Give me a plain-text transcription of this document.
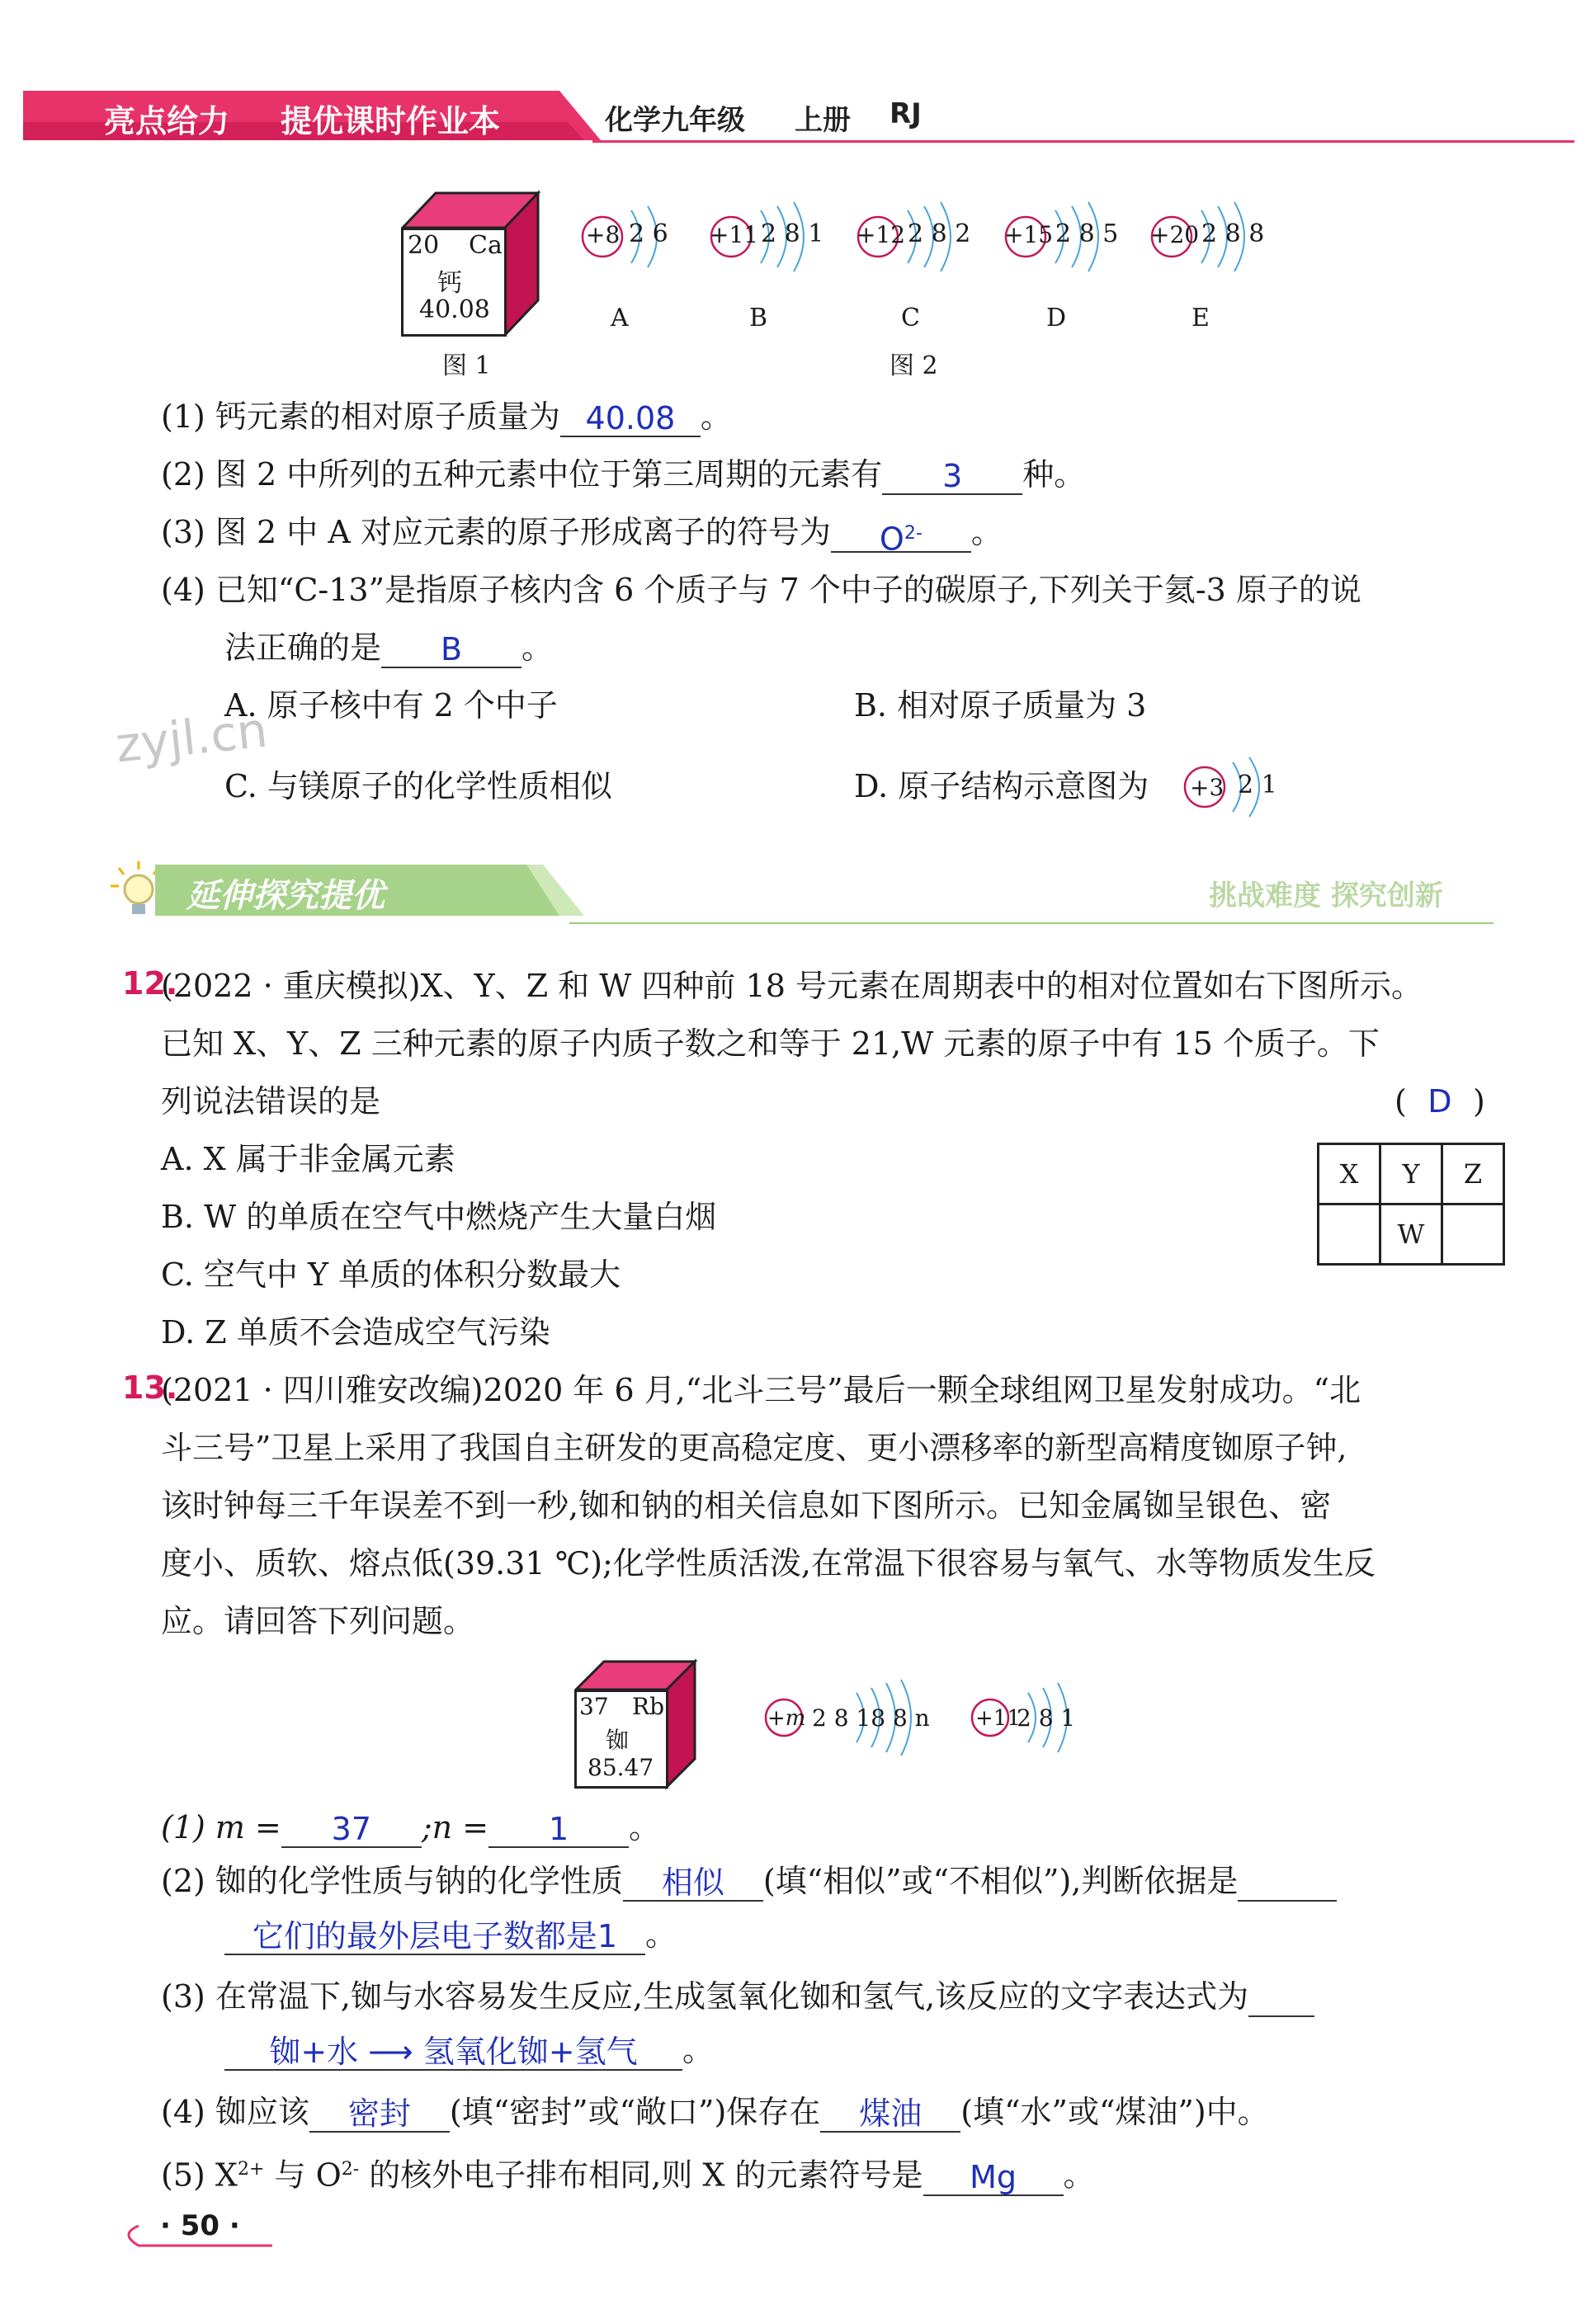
亮点给力 提优课时作业本	化学九年级 上册 RJ
20 Ca
钙
40.08
图 1
+8 2 6
A
+11 2 8 1
B
+12 2 8 2
C
+15 2 8 5
D
+20 2 8 8
E
图 2
(1) 钙元素的相对原子质量为 40.08 。
(2) 图 2 中所列的五种元素中位于第三周期的元素有 3 种。
(3) 图 2 中 A 对应元素的原子形成离子的符号为 $O^{2-}$ 。
(4) 已知“C-13”是指原子核内含 6 个质子与 7 个中子的碳原子,下列关于氦-3 原子的说
法正确的是 B 。
A. 原子核中有 2 个中子	B. 相对原子质量为 3
zyjl.cn
C. 与镁原子的化学性质相似	D. 原子结构示意图为 +3 2 1
延伸探究提优	挑战难度 探究创新
12.
(2022 · 重庆模拟)X、Y、Z 和 W 四种前 18 号元素在周期表中的相对位置如右下图所示。
已知 X、Y、Z 三种元素的原子内质子数之和等于 21,W 元素的原子中有 15 个质子。下
列说法错误的是	( D )
A. X 属于非金属元素
B. W 的单质在空气中燃烧产生大量白烟
C. 空气中 Y 单质的体积分数最大
D. Z 单质不会造成空气污染
X	Y	Z
	W	
13.
(2021 · 四川雅安改编)2020 年 6 月,“北斗三号”最后一颗全球组网卫星发射成功。“北
斗三号”卫星上采用了我国自主研发的更高稳定度、更小漂移率的新型高精度铷原子钟,
该时钟每三千年误差不到一秒,铷和钠的相关信息如下图所示。已知金属铷呈银色、密
度小、质软、熔点低(39.31 ℃);化学性质活泼,在常温下很容易与氧气、水等物质发生反
应。请回答下列问题。
37 Rb
铷
85.47
+m 2 8 18 8 n +11
2 8 1
(1) m = 37 ;n = 1 。
(2) 铷的化学性质与钠的化学性质 相似 (填“相似”或“不相似”),判断依据是
它们的最外层电子数都是1 。
(3) 在常温下,铷与水容易发生反应,生成氢氧化铷和氢气,该反应的文字表达式为
铷+水 ⟶ 氢氧化铷+氢气 。
(4) 铷应该 密封 (填“密封”或“敞口”)保存在 煤油 (填“水”或“煤油”)中。
(5) $X^{2+}$ 与 $O^{2-}$ 的核外电子排布相同,则 X 的元素符号是 Mg 。
· 50 ·
